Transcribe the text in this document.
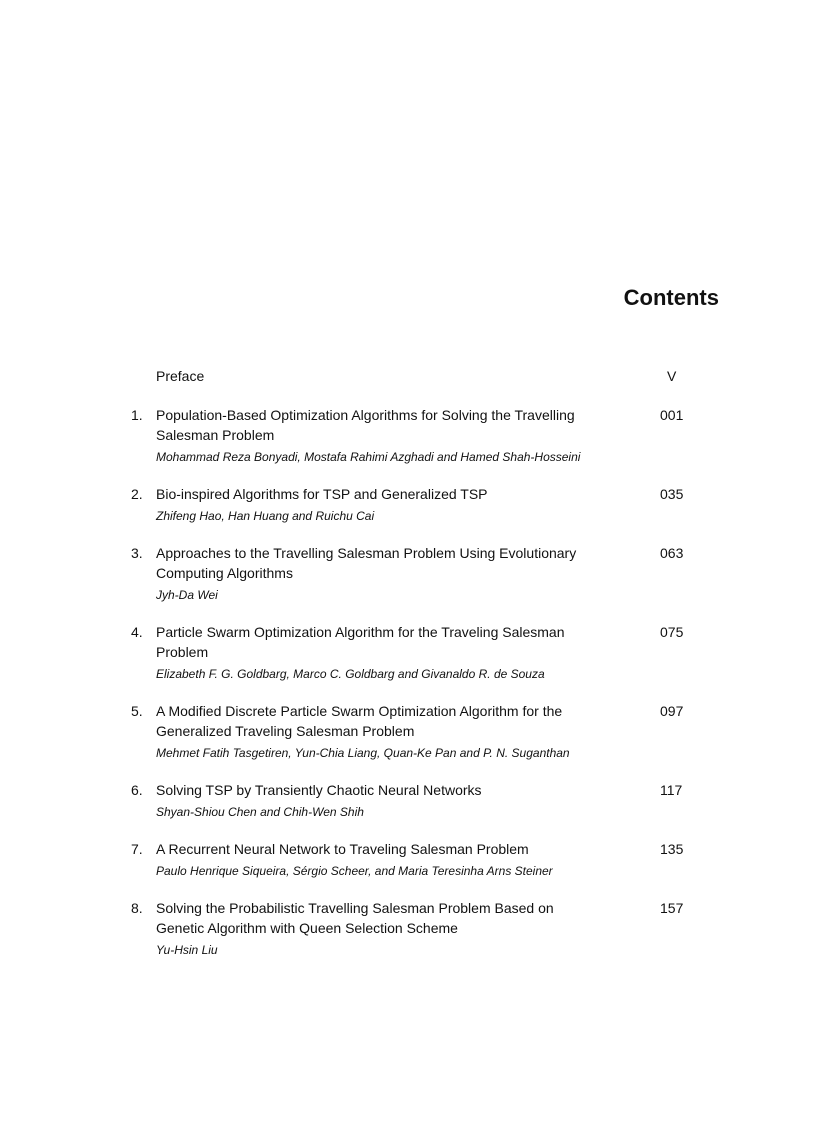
Contents
Preface	V
1. Population-Based Optimization Algorithms for Solving the Travelling
Salesman Problem
Mohammad Reza Bonyadi, Mostafa Rahimi Azghadi and Hamed Shah-Hosseini
001
2. Bio-inspired Algorithms for TSP and Generalized TSP
Zhifeng Hao, Han Huang and Ruichu Cai
035
3. Approaches to the Travelling Salesman Problem Using Evolutionary
Computing Algorithms
Jyh-Da Wei
063
4. Particle Swarm Optimization Algorithm for the Traveling Salesman
Problem
Elizabeth F. G. Goldbarg, Marco C. Goldbarg and Givanaldo R. de Souza
075
5. A Modified Discrete Particle Swarm Optimization Algorithm for the
Generalized Traveling Salesman Problem
Mehmet Fatih Tasgetiren, Yun-Chia Liang, Quan-Ke Pan and P. N. Suganthan
097
6. Solving TSP by Transiently Chaotic Neural Networks
Shyan-Shiou Chen and Chih-Wen Shih
117
7. A Recurrent Neural Network to Traveling Salesman Problem
Paulo Henrique Siqueira, Sérgio Scheer, and Maria Teresinha Arns Steiner
135
8. Solving the Probabilistic Travelling Salesman Problem Based on
Genetic Algorithm with Queen Selection Scheme
Yu-Hsin Liu
157
